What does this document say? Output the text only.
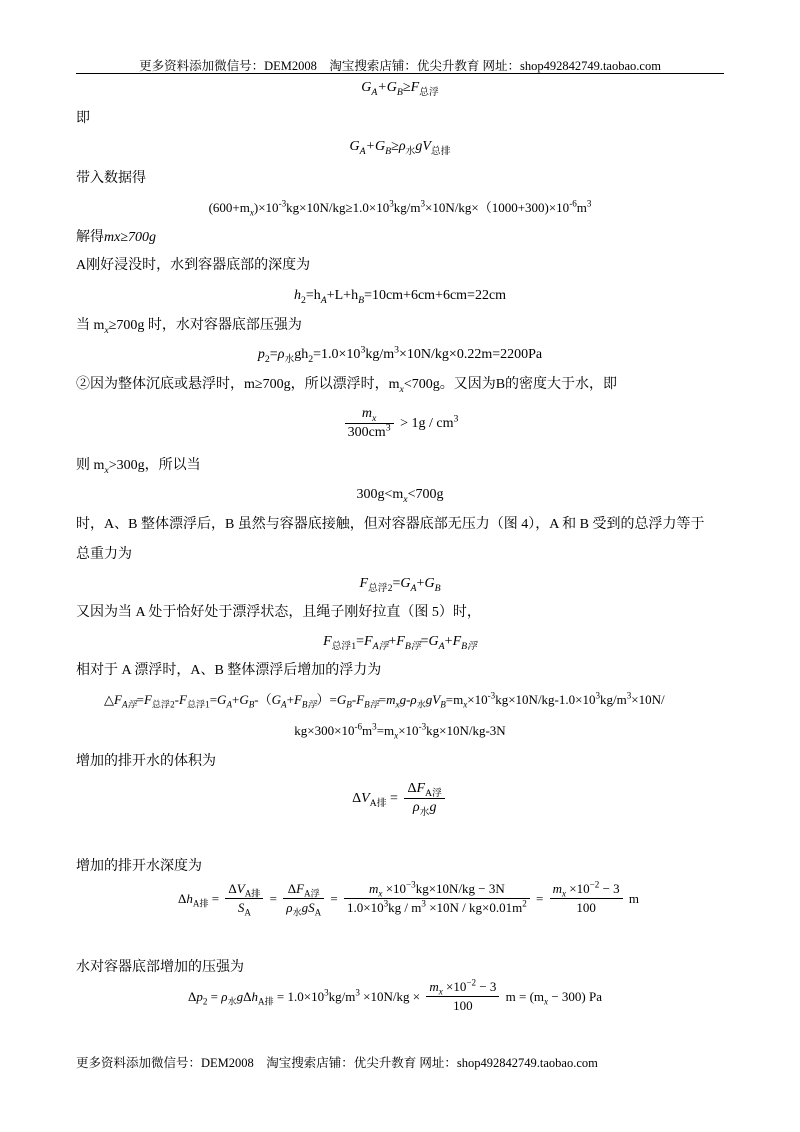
更多资料添加微信号：DEM2008　淘宝搜索店铺：优尖升教育 网址：shop492842749.taobao.com
$G_A+G_B\ge F_{总浮}$
即
$G_A+G_B\ge\rho_水gV_{总排}$
带入数据得
$(600+m_x)\times 10^{-3}kg\times 10N/kg\ge 1.0\times 10^3kg/m^3\times 10N/kg\times(1000+300)\times 10^{-6}m^3$
解得mx≥700g
A刚好浸没时，水到容器底部的深度为
$h_2=h_A+L+h_B=10cm+6cm+6cm=22cm$
当 $m_x\ge 700g$ 时，水对容器底部压强为
$p_2=\rho_水gh_2=1.0\times 10^3kg/m^3\times 10N/kg\times 0.22m=2200Pa$
②因为整体沉底或悬浮时，m≥700g，所以漂浮时，$m_x<700g$。又因为B的密度大于水，即
$\frac{m_x}{300cm^3} > 1g / cm^3$
则 $m_x>300g$，所以当
$300g<m_x<700g$
时，A、B 整体漂浮后，B 虽然与容器底接触，但对容器底部无压力（图 4），A 和 B 受到的总浮力等于
总重力为
$F_{总浮2}=G_A+G_B$
又因为当 A 处于恰好处于漂浮状态，且绳子刚好拉直（图 5）时，
$F_{总浮1}=F_{A浮}+F_{B浮}=G_A+F_{B浮}$
相对于 A 漂浮时，A、B 整体漂浮后增加的浮力为
$\triangle F_{A浮}=F_{总浮2}-F_{总浮1}=G_A+G_B-(G_A+F_{B浮})=G_B-F_{B浮}=m_xg-\rho_水gV_B=m_x\times 10^{-3}kg\times 10N/kg-1.0\times 10^3kg/m^3\times 10N/$
$kg\times 300\times 10^{-6}m^3=m_x\times 10^{-3}kg\times 10N/kg-3N$
增加的排开水的体积为
$\Delta V_{A排} = \frac{\Delta F_{A浮}}{\rho_水g}$
增加的排开水深度为
$\Delta h_{A排} = \frac{\Delta V_{A排}}{S_A} = \frac{\Delta F_{A浮}}{\rho_水gS_A} = \frac{m_x \times 10^{-3}kg\times 10N/kg - 3N}{1.0\times 10^3kg / m^3 \times 10N / kg\times 0.01m^2} = \frac{m_x \times 10^{-2} - 3}{100}$ m
水对容器底部增加的压强为
$\Delta p_2 = \rho_水g\Delta h_{A排} = 1.0\times 10^3kg/m^3 \times 10N/kg \times \frac{m_x \times 10^{-2} - 3}{100}$ $m = (m_x - 300)$ Pa
更多资料添加微信号：DEM2008　淘宝搜索店铺：优尖升教育 网址：shop492842749.taobao.com
